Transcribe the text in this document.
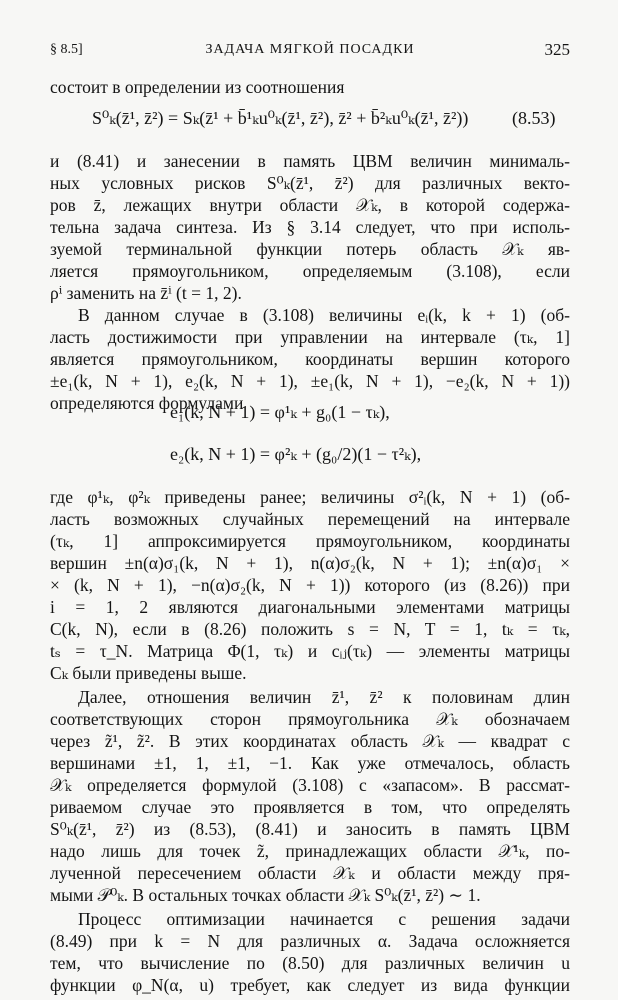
§ 8.5]	ЗАДАЧА МЯГКОЙ ПОСАДКИ	325
S⁰ₖ(z̄¹, z̄²) = Sₖ(z̄¹ + b̄¹ₖu⁰ₖ(z̄¹, z̄²), z̄² + b̄²ₖu⁰ₖ(z̄¹, z̄²)) (8.53)
e₁(k, N + 1) = φ¹ₖ + g₀(1 − τₖ),
e₂(k, N + 1) = φ²ₖ + (g₀/2)(1 − τ²ₖ),
состоит в определении из соотношения
и (8.41) и занесении в память ЦВМ величин минималь-
ных условных рисков S⁰ₖ(z̄¹, z̄²) для различных векто-
ров z̄, лежащих внутри области 𝒳ₖ, в которой содержа-
тельна задача синтеза. Из § 3.14 следует, что при исполь-
зуемой терминальной функции потерь область 𝒳ₖ яв-
ляется прямоугольником, определяемым (3.108), если
ρⁱ заменить на z̄ⁱ (t = 1, 2).
В данном случае в (3.108) величины eᵢ(k, k + 1) (об-
ласть достижимости при управлении на интервале (τₖ, 1]
является прямоугольником, координаты вершин которого
±e₁(k, N + 1), e₂(k, N + 1), ±e₁(k, N + 1), −e₂(k, N + 1))
определяются формулами
где φ¹ₖ, φ²ₖ приведены ранее; величины σ²ᵢ(k, N + 1) (об-
ласть возможных случайных перемещений на интервале
(τₖ, 1] аппроксимируется прямоугольником, координаты
вершин ±n(α)σ₁(k, N + 1), n(α)σ₂(k, N + 1); ±n(α)σ₁ ×
× (k, N + 1), −n(α)σ₂(k, N + 1)) которого (из (8.26)) при
i = 1, 2 являются диагональными элементами матрицы
C(k, N), если в (8.26) положить s = N, T = 1, tₖ = τₖ,
tₛ = τ_N. Матрица Φ(1, τₖ) и cᵢⱼ(τₖ) — элементы матрицы
Cₖ были приведены выше.
Далее, отношения величин z̄¹, z̄² к половинам длин
соответствующих сторон прямоугольника 𝒳ₖ обозначаем
через z̃¹, z̃². В этих координатах область 𝒳ₖ — квадрат с
вершинами ±1, 1, ±1, −1. Как уже отмечалось, область
𝒳ₖ определяется формулой (3.108) с «запасом». В рассмат-
риваемом случае это проявляется в том, что определять
S⁰ₖ(z̄¹, z̄²) из (8.53), (8.41) и заносить в память ЦВМ
надо лишь для точек z̃, принадлежащих области 𝒳¹ₖ, по-
лученной пересечением области 𝒳ₖ и области между пря-
мыми 𝒫⁰ₖ. В остальных точках области 𝒳ₖ S⁰ₖ(z̄¹, z̄²) ∼ 1.
Процесс оптимизации начинается с решения задачи
(8.49) при k = N для различных α. Задача осложняется
тем, что вычисление по (8.50) для различных величин u
функции φ_N(α, u) требует, как следует из вида функции
